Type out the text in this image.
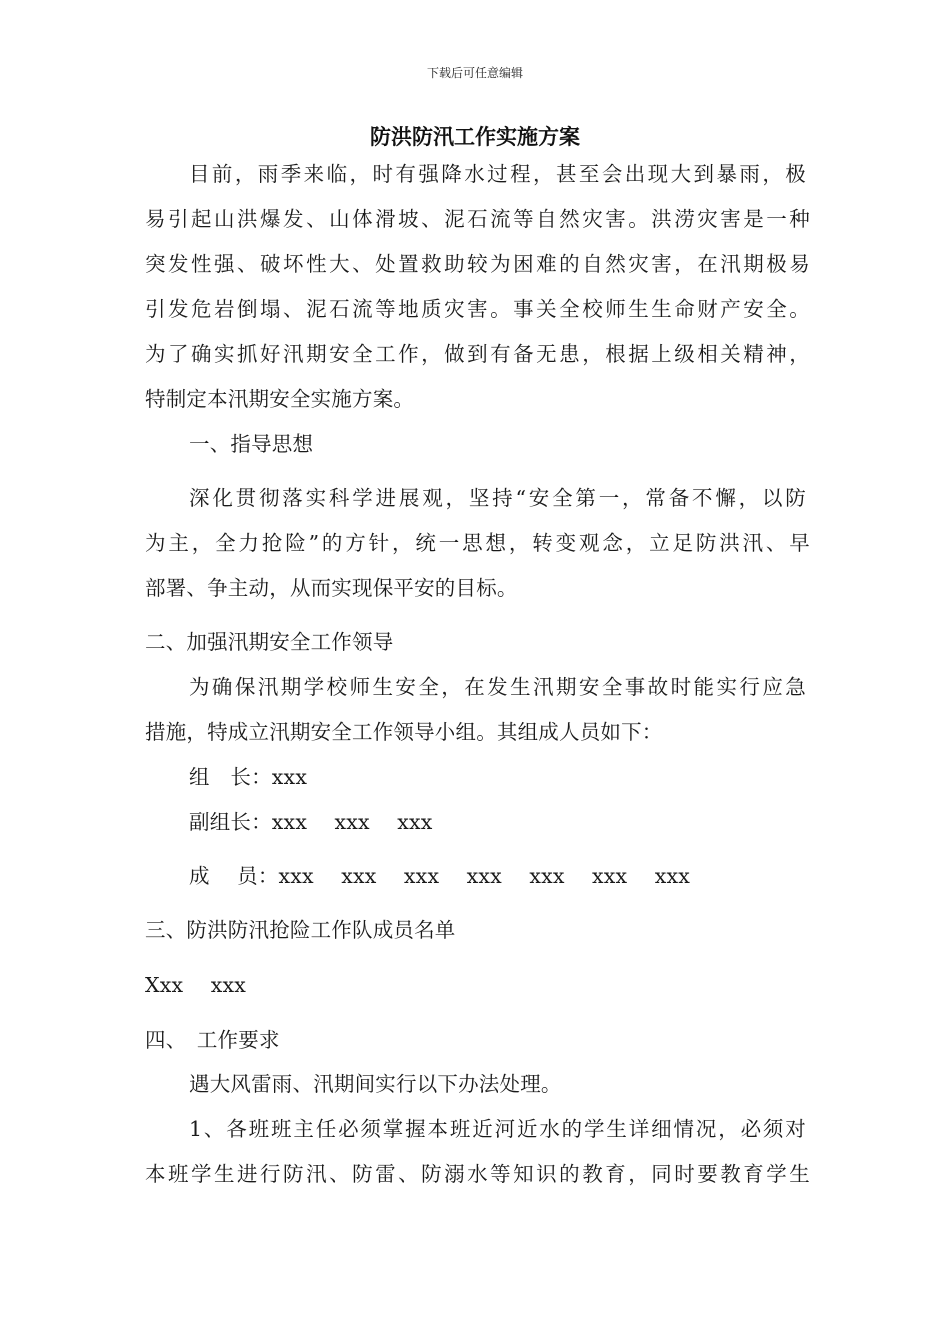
下载后可任意编辑
防洪防汛工作实施方案
目前，雨季来临，时有强降水过程，甚至会出现大到暴雨，极
易引起山洪爆发、山体滑坡、泥石流等自然灾害。洪涝灾害是一种
突发性强、破坏性大、处置救助较为困难的自然灾害，在汛期极易
引发危岩倒塌、泥石流等地质灾害。事关全校师生生命财产安全。
为了确实抓好汛期安全工作，做到有备无患，根据上级相关精神，
特制定本汛期安全实施方案。
一、指导思想
深化贯彻落实科学进展观，坚持“安全第一，常备不懈，以防
为主，全力抢险”的方针，统一思想，转变观念，立足防洪汛、早
部署、争主动，从而实现保平安的目标。
二、加强汛期安全工作领导
为确保汛期学校师生安全，在发生汛期安全事故时能实行应急
措施，特成立汛期安全工作领导小组。其组成人员如下：
组　长：xxx
副组长：xxx　 xxx　 xxx
成　 员：xxx　 xxx　 xxx　 xxx　 xxx　 xxx　 xxx
三、防洪防汛抢险工作队成员名单
Xxx　 xxx
四、　工作要求
遇大风雷雨、汛期间实行以下办法处理。
1、各班班主任必须掌握本班近河近水的学生详细情况，必须对
本班学生进行防汛、防雷、防溺水等知识的教育，同时要教育学生
